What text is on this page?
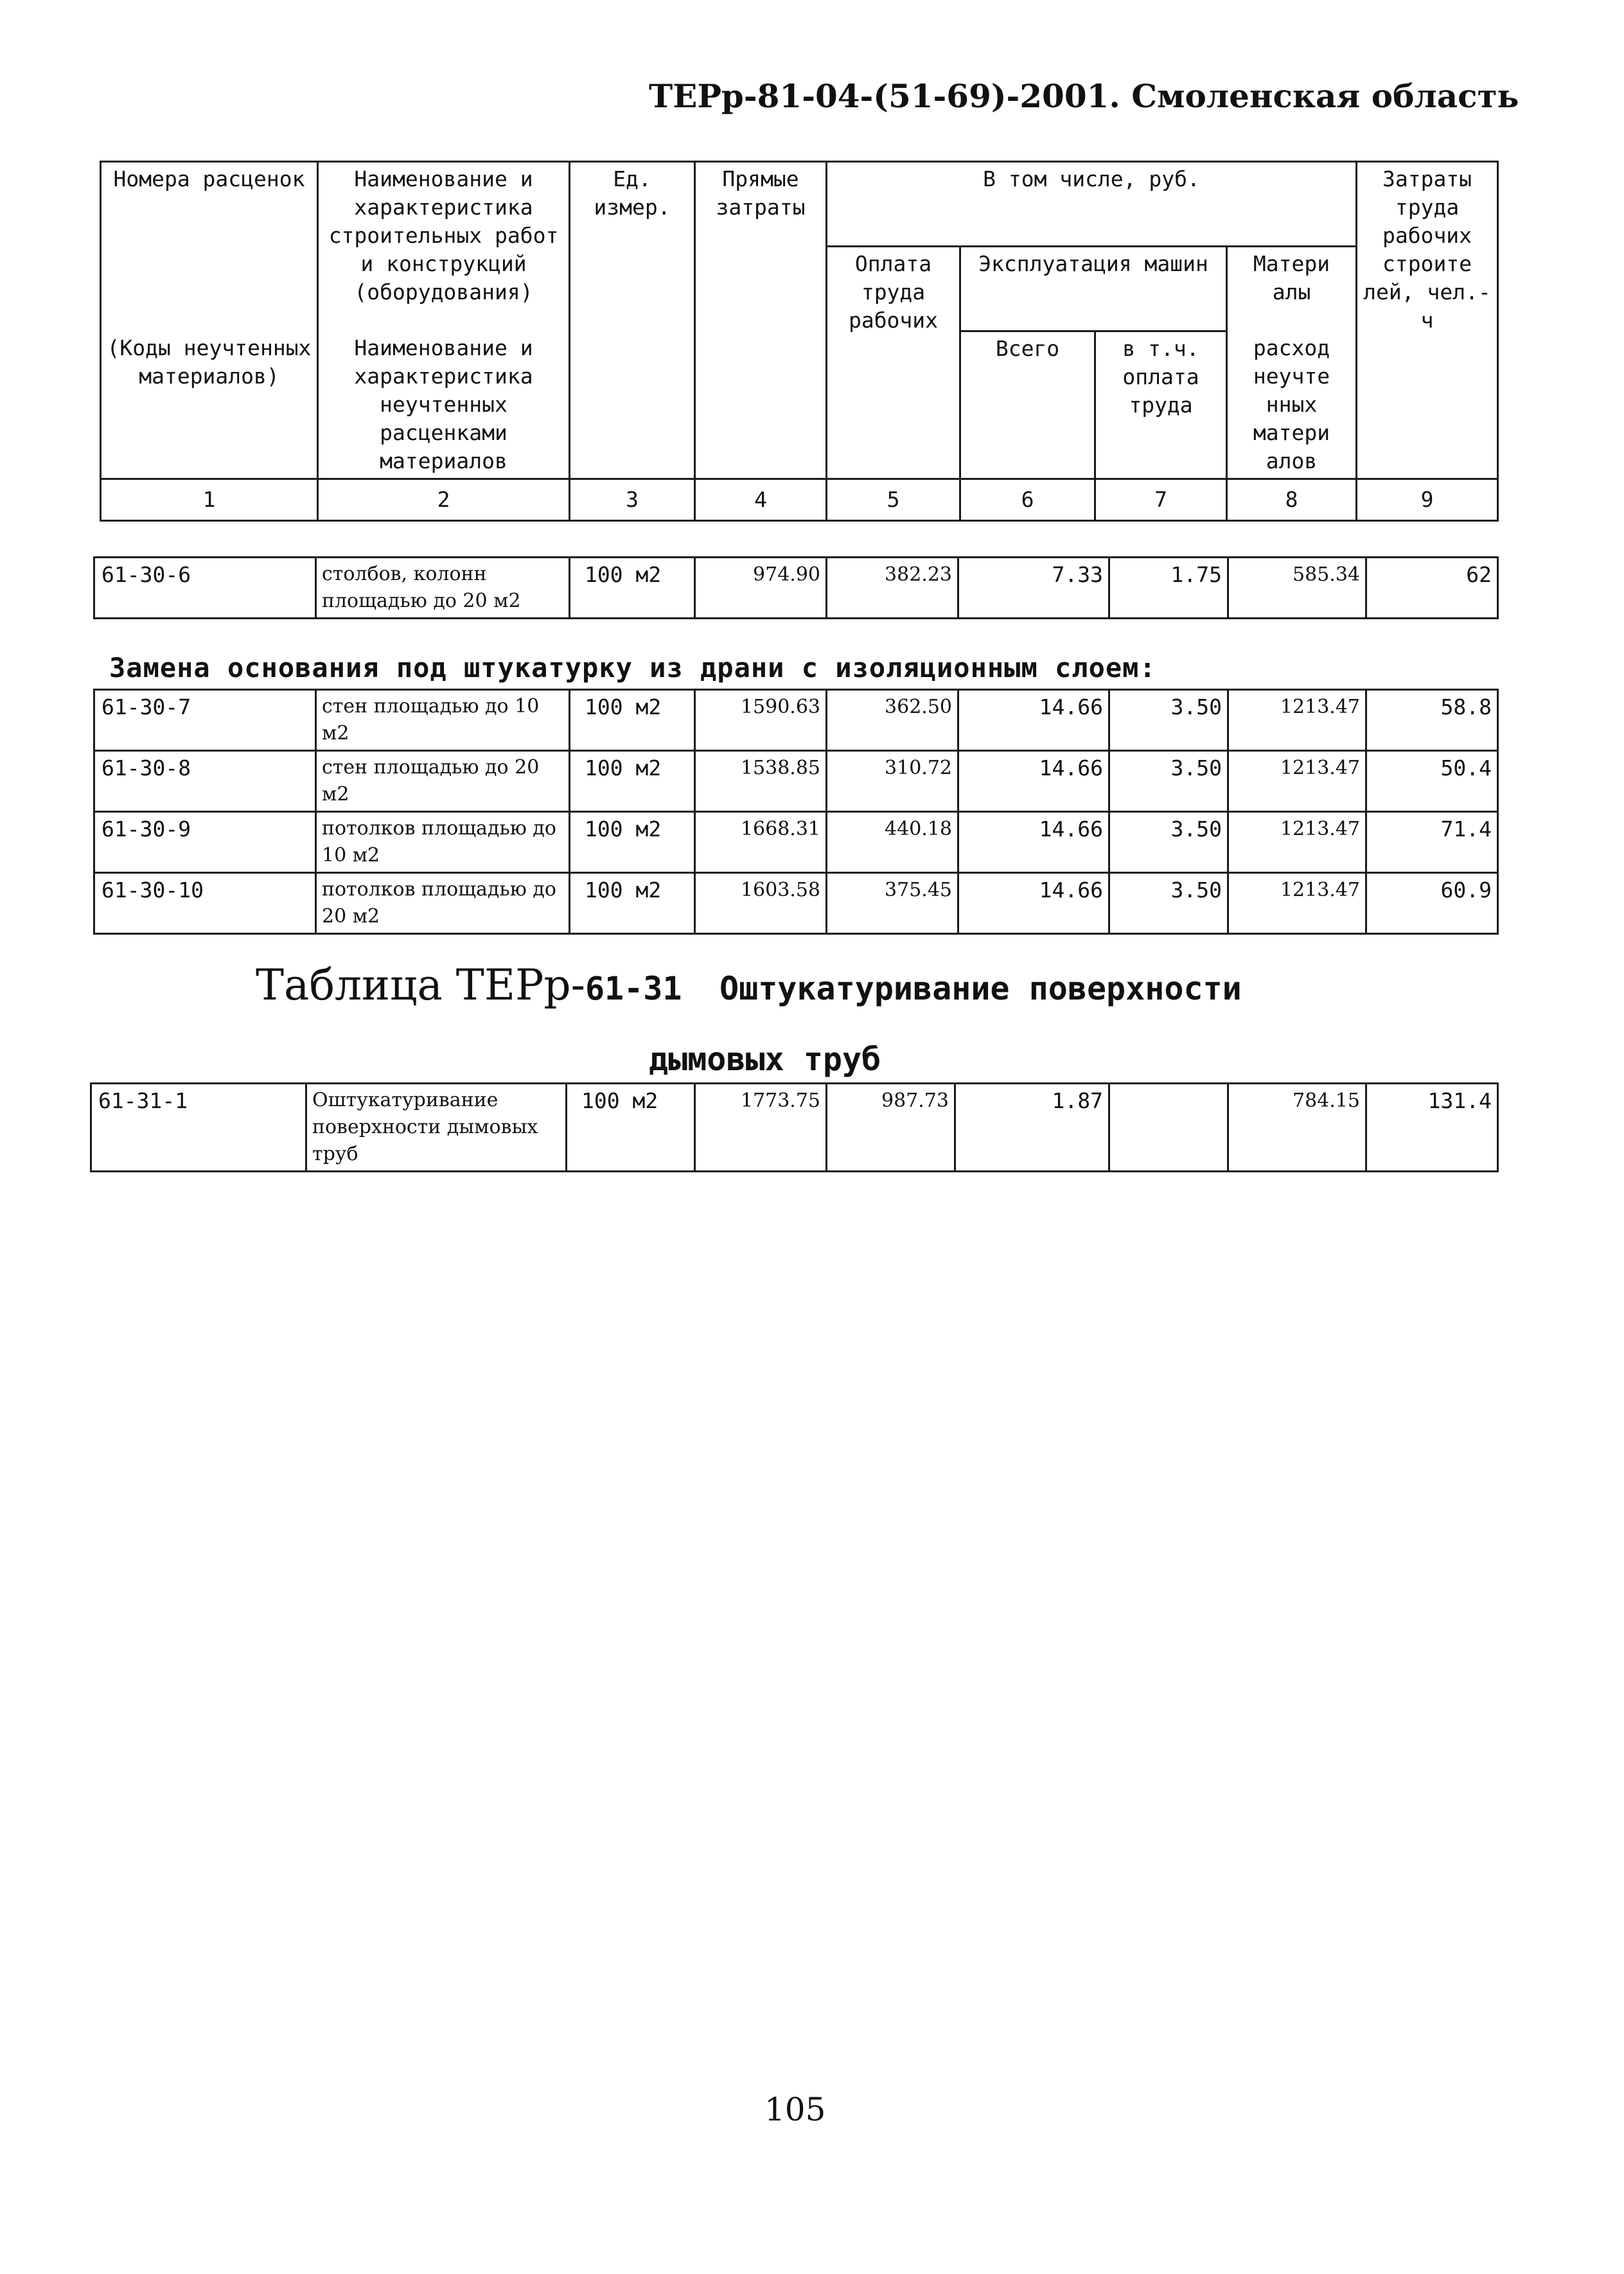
ТЕРр-81-04-(51-69)-2001. Смоленская область
Номера расценок	Наименование и характеристика строительных работ и конструкций (оборудования)	Ед. измер.	Прямые затраты	В том числе, руб.				Затраты труда рабочих строите лей, чел.-ч
				Оплата труда рабочих	Эксплуатация машин		Матери алы	
(Коды неучтенных материалов)	Наименование и характеристика неучтенных расценками материалов				Всего	в т.ч. оплата труда	расход неучте нных матери алов	

1	2	3	4	5	6	7	8	9
61-30-6	столбов, колонн площадью до 20 м2	100 м2	974.90	382.23	7.33	1.75	585.34	62
Замена основания под штукатурку из драни с изоляционным слоем:
61-30-7	стен площадью до 10 м2	100 м2	1590.63	362.50	14.66	3.50	1213.47	58.8
61-30-8	стен площадью до 20 м2	100 м2	1538.85	310.72	14.66	3.50	1213.47	50.4
61-30-9	потолков площадью до 10 м2	100 м2	1668.31	440.18	14.66	3.50	1213.47	71.4
61-30-10	потолков площадью до 20 м2	100 м2	1603.58	375.45	14.66	3.50	1213.47	60.9
Таблица ТЕРр-61-31 Оштукатуривание поверхности
дымовых труб
61-31-1	Оштукатуривание поверхности дымовых труб	100 м2	1773.75	987.73	1.87		784.15	131.4
105
